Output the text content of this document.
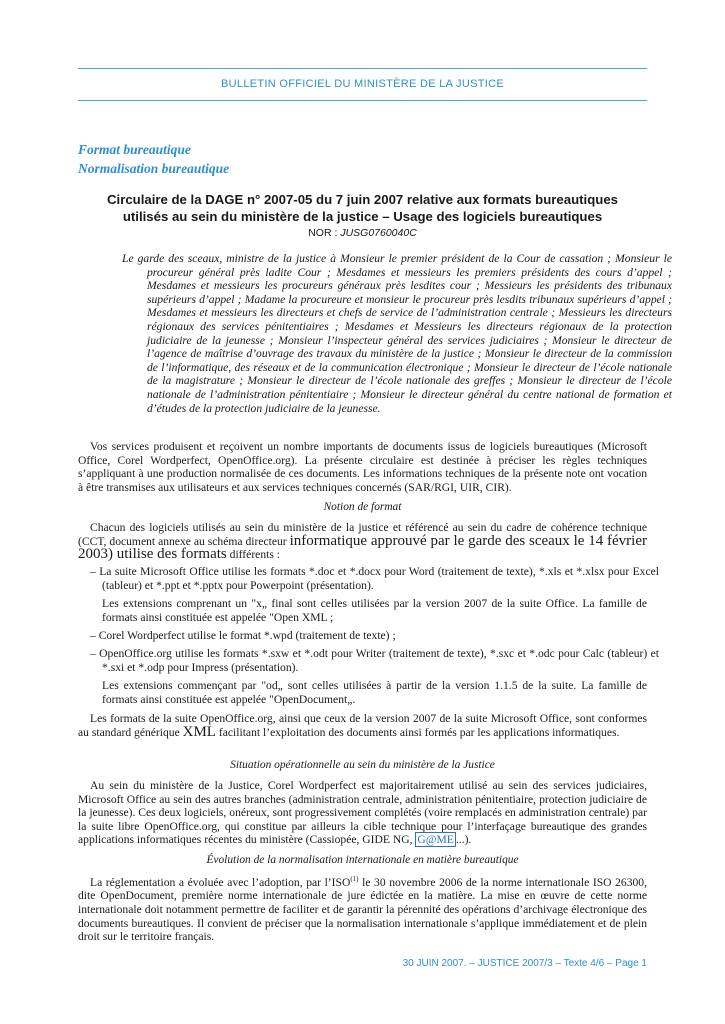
BULLETIN OFFICIEL DU MINISTÈRE DE LA JUSTICE
Format bureautique
Normalisation bureautique
Circulaire de la DAGE n° 2007-05 du 7 juin 2007 relative aux formats bureautiques
utilisés au sein du ministère de la justice – Usage des logiciels bureautiques
NOR : JUSG0760040C
Le garde des sceaux, ministre de la justice à Monsieur le premier président de la Cour de cassation ; Monsieur le procureur général près ladite Cour ; Mesdames et messieurs les premiers présidents des cours d’appel ; Mesdames et messieurs les procureurs généraux près lesdites cour ; Messieurs les présidents des tribunaux supérieurs d’appel ; Madame la procureure et monsieur le procureur près lesdits tribunaux supérieurs d’appel ; Mesdames et messieurs les directeurs et chefs de service de l’administration centrale ; Messieurs les directeurs régionaux des services pénitentiaires ; Mesdames et Messieurs les directeurs régionaux de la protection judiciaire de la jeunesse ; Monsieur l’inspecteur général des services judiciaires ; Monsieur le directeur de l’agence de maîtrise d’ouvrage des travaux du ministère de la justice ; Monsieur le directeur de la commission de l’informatique, des réseaux et de la communication électronique ; Monsieur le directeur de l’école nationale de la magistrature ; Monsieur le directeur de l’école nationale des greffes ; Monsieur le directeur de l’école nationale de l’administration pénitentiaire ; Monsieur le directeur général du centre national de formation et d’études de la protection judiciaire de la jeunesse.
Vos services produisent et reçoivent un nombre importants de documents issus de logiciels bureautiques (Microsoft Office, Corel Wordperfect, OpenOffice.org). La présente circulaire est destinée à préciser les règles techniques s’appliquant à une production normalisée de ces documents. Les informations techniques de la présente note ont vocation à être transmises aux utilisateurs et aux services techniques concernés (SAR/RGI, UIR, CIR).
Notion de format
Chacun des logiciels utilisés au sein du ministère de la justice et référencé au sein du cadre de cohérence technique (CCT, document annexe au schéma directeur informatique approuvé par le garde des sceaux le 14 février 2003) utilise des formats différents :
– La suite Microsoft Office utilise les formats *.doc et *.docx pour Word (traitement de texte), *.xls et *.xlsx pour Excel (tableur) et *.ppt et *.pptx pour Powerpoint (présentation).
Les extensions comprenant un "x„ final sont celles utilisées par la version 2007 de la suite Office. La famille de formats ainsi constituée est appelée "Open XML ;
– Corel Wordperfect utilise le format *.wpd (traitement de texte) ;
– OpenOffice.org utilise les formats *.sxw et *.odt pour Writer (traitement de texte), *.sxc et *.odc pour Calc (tableur) et *.sxi et *.odp pour Impress (présentation).
Les extensions commençant par "od„ sont celles utilisées à partir de la version 1.1.5 de la suite. La famille de formats ainsi constituée est appelée "OpenDocument„.
Les formats de la suite OpenOffice.org, ainsi que ceux de la version 2007 de la suite Microsoft Office, sont conformes au standard générique XML facilitant l’exploitation des documents ainsi formés par les applications informatiques.
Situation opérationnelle au sein du ministère de la Justice
Au sein du ministère de la Justice, Corel Wordperfect est majoritairement utilisé au sein des services judiciaires, Microsoft Office au sein des autres branches (administration centrale, administration pénitentiaire, protection judiciaire de la jeunesse). Ces deux logiciels, onéreux, sont progressivement complétés (voire remplacés en administration centrale) par la suite libre OpenOffice.org, qui constitue par ailleurs la cible technique pour l’interfaçage bureautique des grandes applications informatiques récentes du ministère (Cassiopée, GIDE NG, G@ME ...).
Évolution de la normalisation internationale en matière bureautique
La réglementation a évoluée avec l’adoption, par l’ISO$^{(1)}$ le 30 novembre 2006 de la norme internationale ISO 26300, dite OpenDocument, première norme internationale de jure édictée en la matière. La mise en œuvre de cette norme internationale doit notamment permettre de faciliter et de garantir la pérennité des opérations d’archivage électronique des documents bureautiques. Il convient de préciser que la normalisation internationale s’applique immédiatement et de plein droit sur le territoire français.
30 JUIN 2007. – JUSTICE 2007/3 – Texte 4/6 – Page 1
